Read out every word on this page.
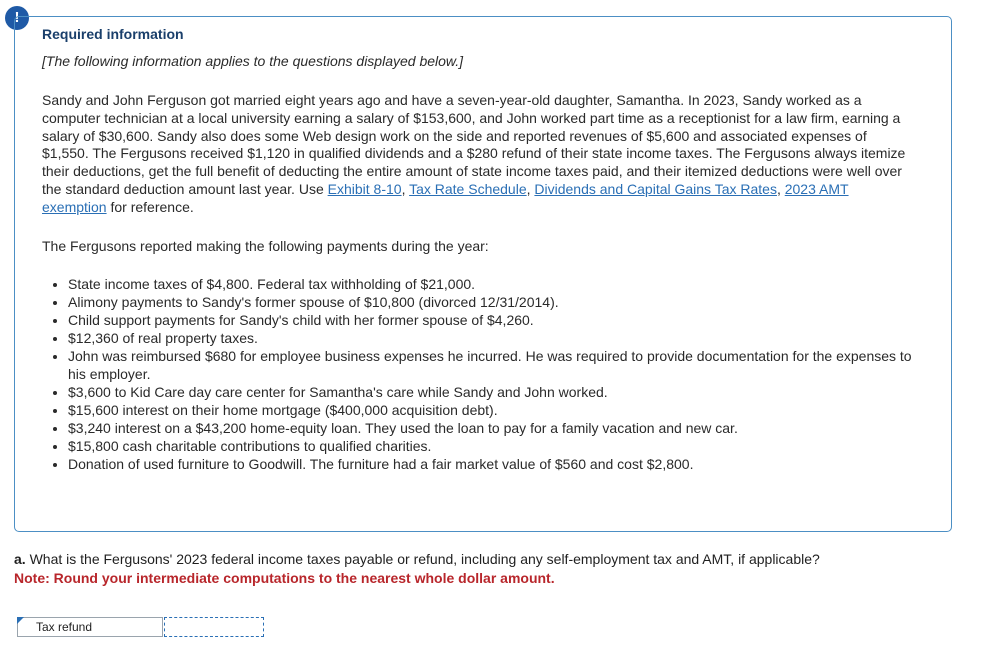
!
Required information
[The following information applies to the questions displayed below.]
Sandy and John Ferguson got married eight years ago and have a seven-year-old daughter, Samantha. In 2023, Sandy worked as a computer technician at a local university earning a salary of $153,600, and John worked part time as a receptionist for a law firm, earning a salary of $30,600. Sandy also does some Web design work on the side and reported revenues of $5,600 and associated expenses of $1,550. The Fergusons received $1,120 in qualified dividends and a $280 refund of their state income taxes. The Fergusons always itemize their deductions, get the full benefit of deducting the entire amount of state income taxes paid, and their itemized deductions were well over the standard deduction amount last year. Use Exhibit 8-10, Tax Rate Schedule, Dividends and Capital Gains Tax Rates, 2023 AMT exemption for reference.
The Fergusons reported making the following payments during the year:
• State income taxes of $4,800. Federal tax withholding of $21,000.
• Alimony payments to Sandy's former spouse of $10,800 (divorced 12/31/2014).
• Child support payments for Sandy's child with her former spouse of $4,260.
• $12,360 of real property taxes.
• John was reimbursed $680 for employee business expenses he incurred. He was required to provide documentation for the expenses to his employer.
• $3,600 to Kid Care day care center for Samantha's care while Sandy and John worked.
• $15,600 interest on their home mortgage ($400,000 acquisition debt).
• $3,240 interest on a $43,200 home-equity loan. They used the loan to pay for a family vacation and new car.
• $15,800 cash charitable contributions to qualified charities.
• Donation of used furniture to Goodwill. The furniture had a fair market value of $560 and cost $2,800.
a. What is the Fergusons' 2023 federal income taxes payable or refund, including any self-employment tax and AMT, if applicable?
Note: Round your intermediate computations to the nearest whole dollar amount.
Tax refund
